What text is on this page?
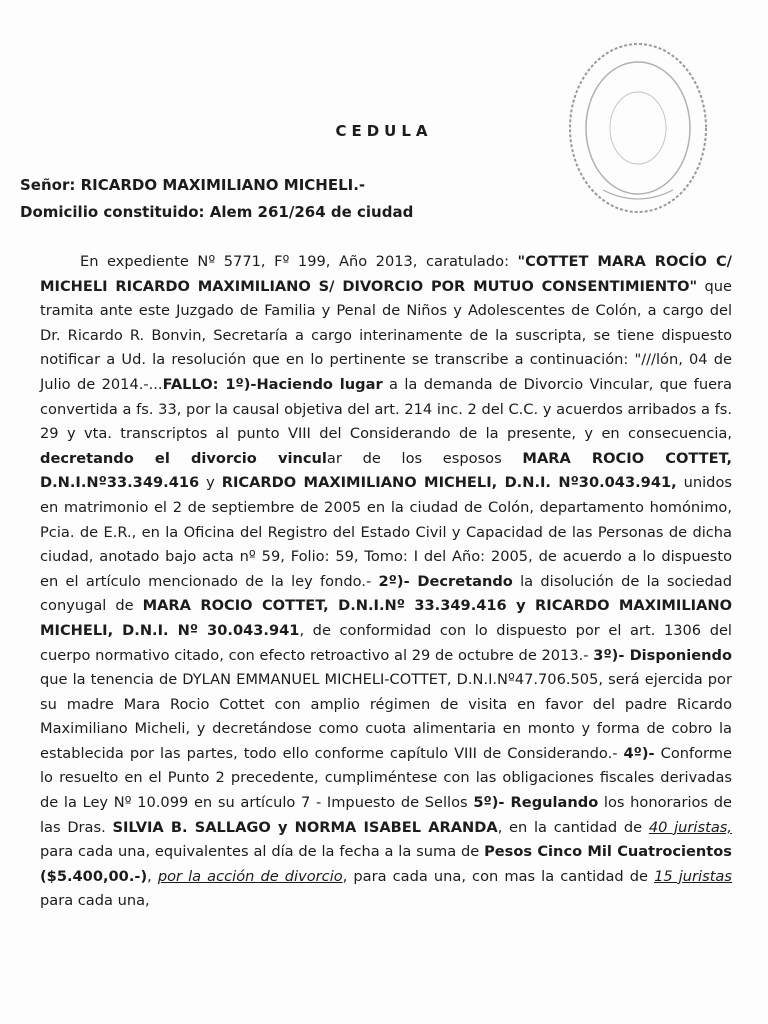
CEDULA
Señor: RICARDO MAXIMILIANO MICHELI.-
Domicilio constituido: Alem 261/264 de ciudad

En expediente Nº 5771, Fº 199, Año 2013, caratulado: "COTTET MARA ROCÍO C/ MICHELI RICARDO MAXIMILIANO S/ DIVORCIO POR MUTUO CONSENTIMIENTO" que tramita ante este Juzgado de Familia y Penal de Niños y Adolescentes de Colón, a cargo del Dr. Ricardo R. Bonvin, Secretaría a cargo interinamente de la suscripta, se tiene dispuesto notificar a Ud. la resolución que en lo pertinente se transcribe a continuación: "///lón, 04 de Julio de 2014.-...FALLO: 1º)-Haciendo lugar a la demanda de Divorcio Vincular, que fuera convertida a fs. 33, por la causal objetiva del art. 214 inc. 2 del C.C. y acuerdos arribados a fs. 29 y vta. transcriptos al punto VIII del Considerando de la presente, y en consecuencia, decretando el divorcio vincular de los esposos MARA ROCIO COTTET, D.N.I.Nº33.349.416 y RICARDO MAXIMILIANO MICHELI, D.N.I. Nº30.043.941, unidos en matrimonio el 2 de septiembre de 2005 en la ciudad de Colón, departamento homónimo, Pcia. de E.R., en la Oficina del Registro del Estado Civil y Capacidad de las Personas de dicha ciudad, anotado bajo acta nº 59, Folio: 59, Tomo: I del Año: 2005, de acuerdo a lo dispuesto en el artículo mencionado de la ley fondo.- 2º)- Decretando la disolución de la sociedad conyugal de MARA ROCIO COTTET, D.N.I.Nº 33.349.416 y RICARDO MAXIMILIANO MICHELI, D.N.I. Nº 30.043.941, de conformidad con lo dispuesto por el art. 1306 del cuerpo normativo citado, con efecto retroactivo al 29 de octubre de 2013.- 3º)- Disponiendo que la tenencia de DYLAN EMMANUEL MICHELI-COTTET, D.N.I.Nº47.706.505, será ejercida por su madre Mara Rocio Cottet con amplio régimen de visita en favor del padre Ricardo Maximiliano Micheli, y decretándose como cuota alimentaria en monto y forma de cobro la establecida por las partes, todo ello conforme capítulo VIII de Considerando.- 4º)- Conforme lo resuelto en el Punto 2 precedente, cumpliméntese con las obligaciones fiscales derivadas de la Ley Nº 10.099 en su artículo 7 - Impuesto de Sellos 5º)- Regulando los honorarios de las Dras. SILVIA B. SALLAGO y NORMA ISABEL ARANDA, en la cantidad de 40 juristas, para cada una, equivalentes al día de la fecha a la suma de Pesos Cinco Mil Cuatrocientos ($5.400,00.-), por la acción de divorcio, para cada una, con mas la cantidad de 15 juristas para cada una,
